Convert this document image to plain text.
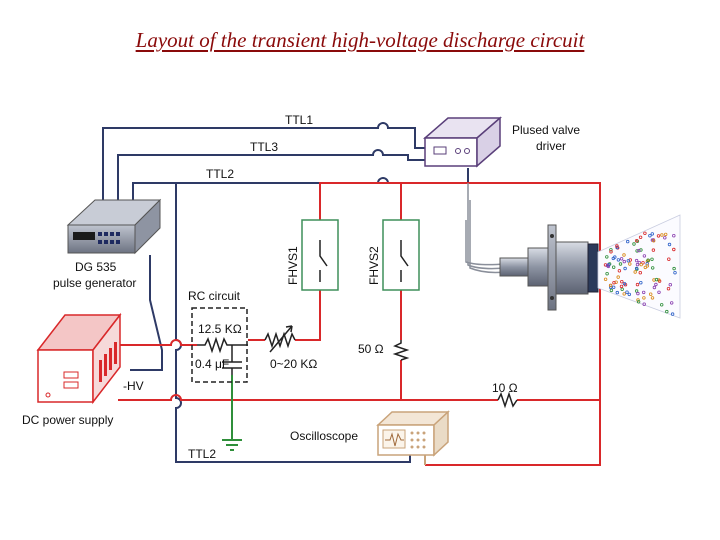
Layout of the transient high-voltage discharge circuit
TTL1
TTL3
TTL2
TTL2
Plused valve
driver
DG 535
pulse generator
DC power supply
-HV
RC circuit
12.5 KΩ
0.4 μF	0~20 KΩ
FHVS1	FHVS2
50 Ω
10 Ω
Oscilloscope
